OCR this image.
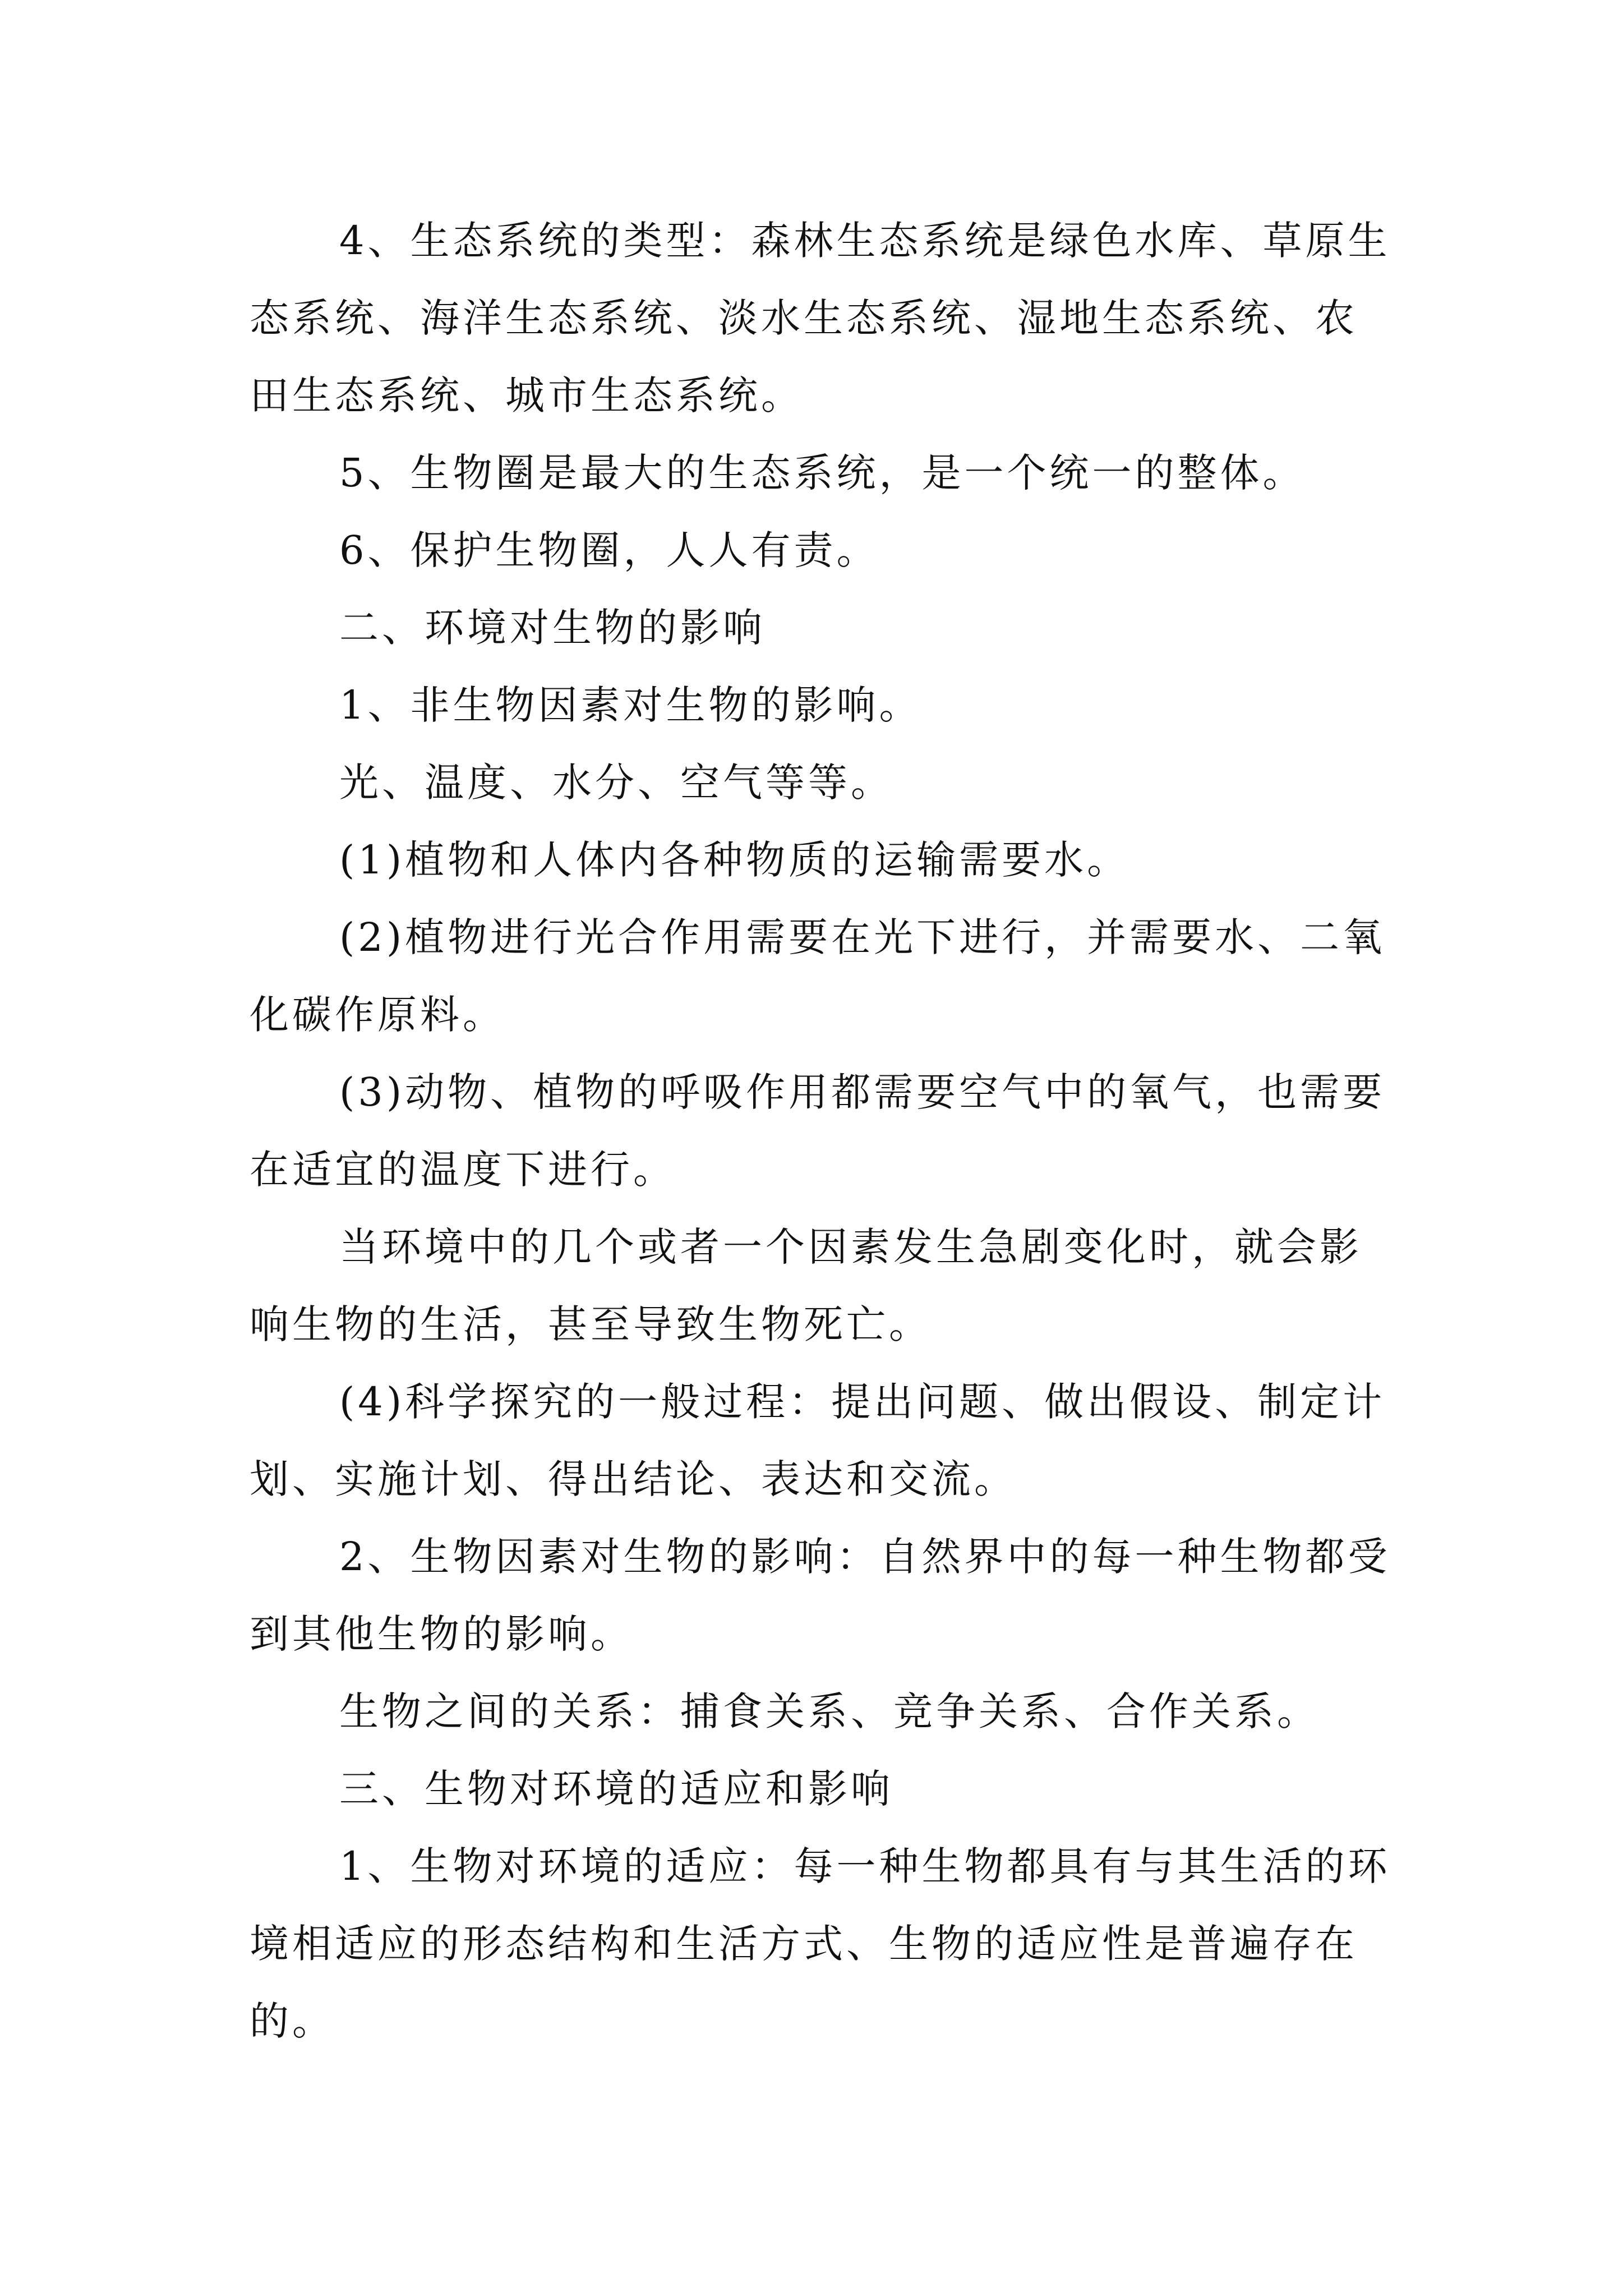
4、生态系统的类型：森林生态系统是绿色水库、草原生态系统、海洋生态系统、淡水生态系统、湿地生态系统、农田生态系统、城市生态系统。

5、生物圈是最大的生态系统，是一个统一的整体。

6、保护生物圈，人人有责。

二、环境对生物的影响

1、非生物因素对生物的影响。

光、温度、水分、空气等等。

(1)植物和人体内各种物质的运输需要水。

(2)植物进行光合作用需要在光下进行，并需要水、二氧化碳作原料。

(3)动物、植物的呼吸作用都需要空气中的氧气，也需要在适宜的温度下进行。

当环境中的几个或者一个因素发生急剧变化时，就会影响生物的生活，甚至导致生物死亡。

(4)科学探究的一般过程：提出问题、做出假设、制定计划、实施计划、得出结论、表达和交流。

2、生物因素对生物的影响：自然界中的每一种生物都受到其他生物的影响。

生物之间的关系：捕食关系、竞争关系、合作关系。

三、生物对环境的适应和影响

1、生物对环境的适应：每一种生物都具有与其生活的环境相适应的形态结构和生活方式、生物的适应性是普遍存在的。
